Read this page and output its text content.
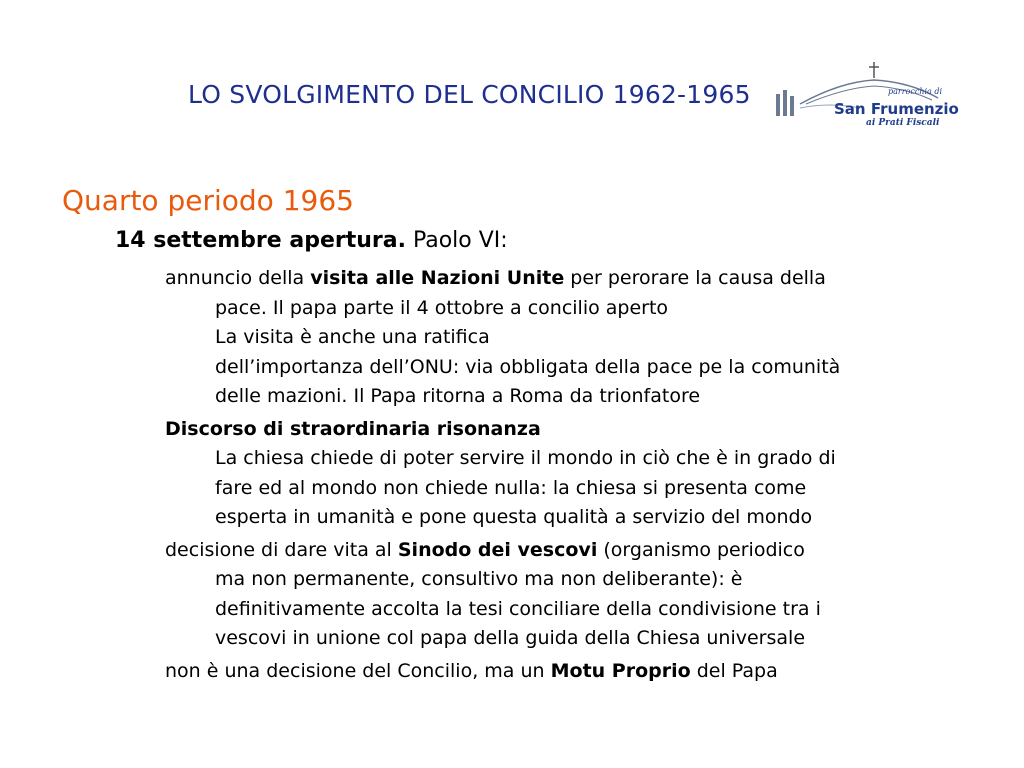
LO SVOLGIMENTO DEL CONCILIO 1962-1965	parrocchia di
San Frumenzio
ai Prati Fiscali
Quarto periodo 1965
14 settembre apertura. Paolo VI:
annuncio della visita alle Nazioni Unite per perorare la causa della
pace. Il papa parte il 4 ottobre a concilio aperto
La visita è anche una ratifica
dell’importanza dell’ONU: via obbligata della pace pe la comunità
delle mazioni. Il Papa ritorna a Roma da trionfatore
Discorso di straordinaria risonanza
La chiesa chiede di poter servire il mondo in ciò che è in grado di
fare ed al mondo non chiede nulla: la chiesa si presenta come
esperta in umanità e pone questa qualità a servizio del mondo
decisione di dare vita al Sinodo dei vescovi (organismo periodico
ma non permanente, consultivo ma non deliberante): è
definitivamente accolta la tesi conciliare della condivisione tra i
vescovi in unione col papa della guida della Chiesa universale
non è una decisione del Concilio, ma un Motu Proprio del Papa
